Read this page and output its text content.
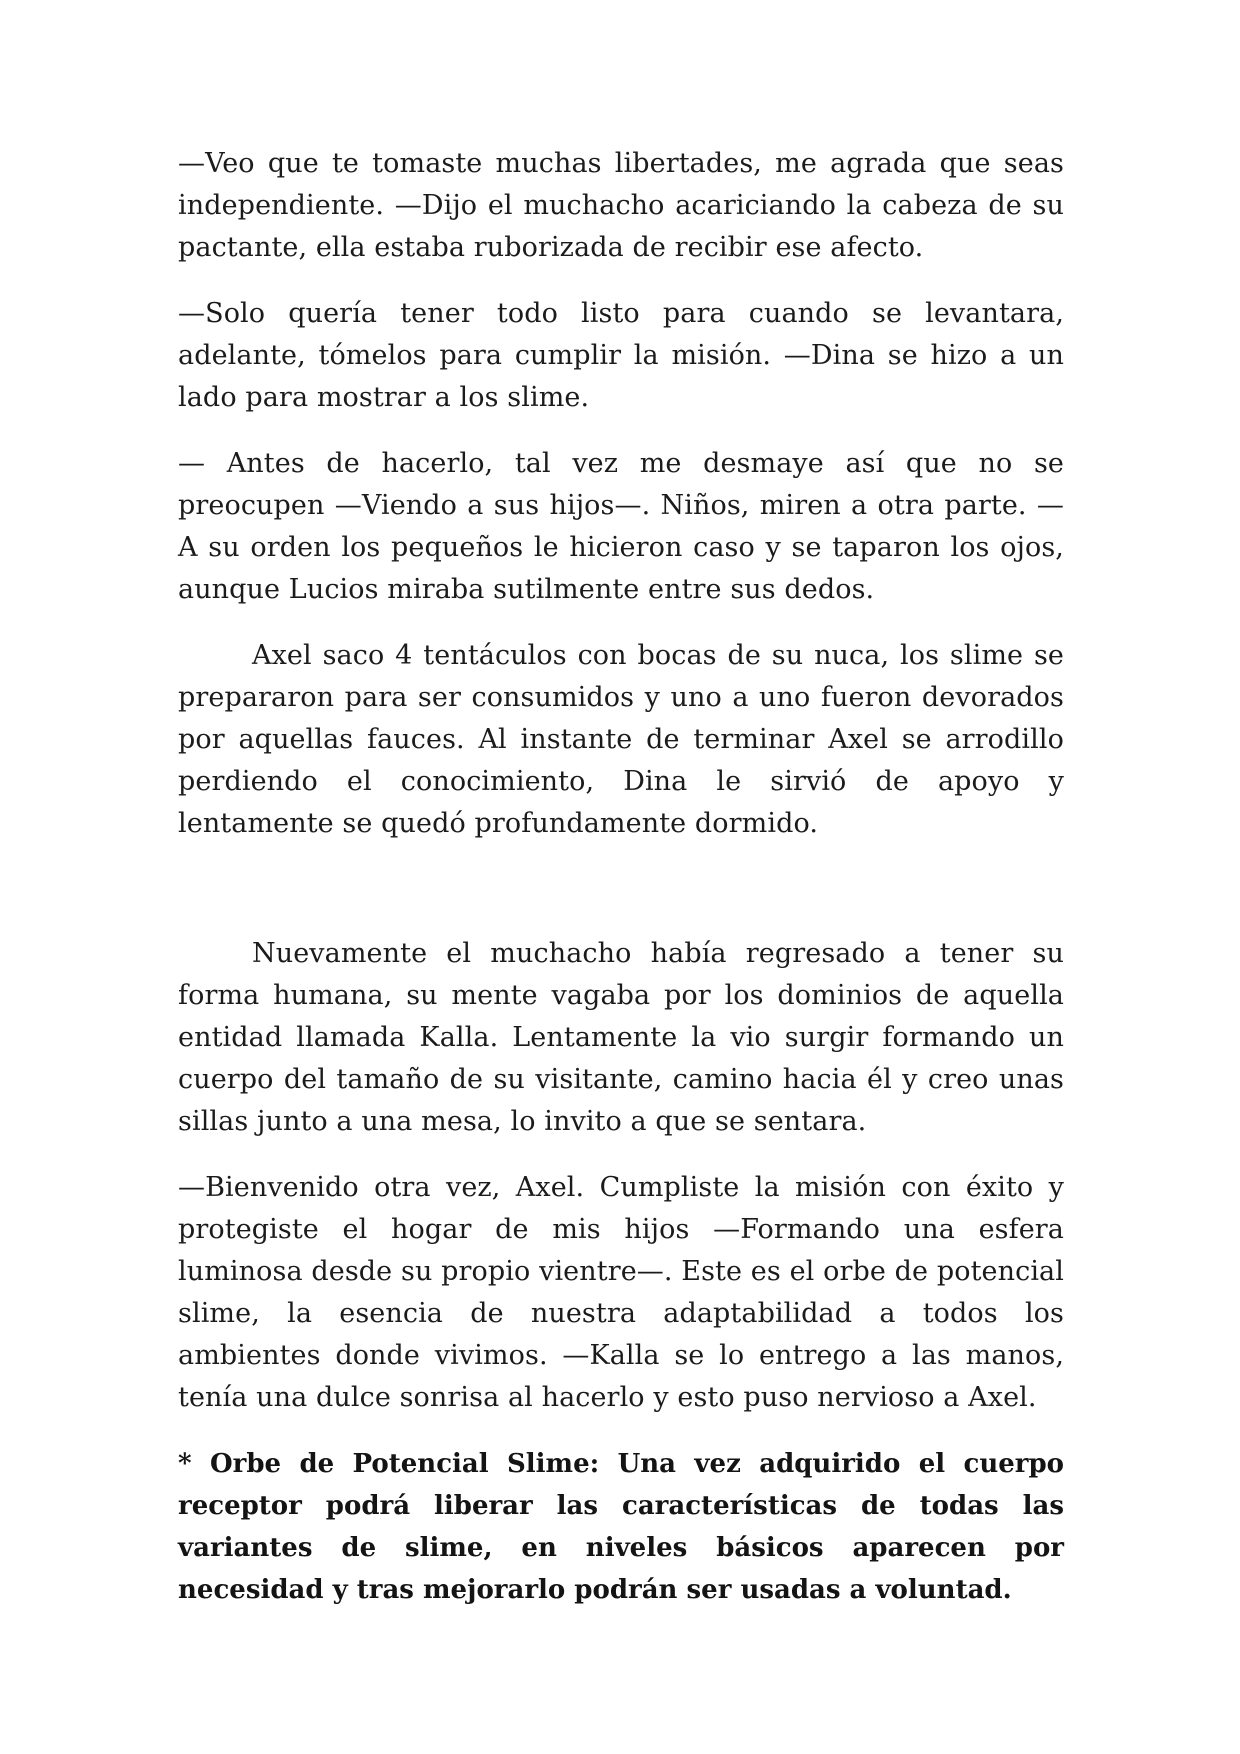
—Veo que te tomaste muchas libertades, me agrada que seas independiente. —Dijo el muchacho acariciando la cabeza de su pactante, ella estaba ruborizada de recibir ese afecto.

—Solo quería tener todo listo para cuando se levantara, adelante, tómelos para cumplir la misión. —Dina se hizo a un lado para mostrar a los slime.

— Antes de hacerlo, tal vez me desmaye así que no se preocupen —Viendo a sus hijos—. Niños, miren a otra parte. —A su orden los pequeños le hicieron caso y se taparon los ojos, aunque Lucios miraba sutilmente entre sus dedos.

Axel saco 4 tentáculos con bocas de su nuca, los slime se prepararon para ser consumidos y uno a uno fueron devorados por aquellas fauces. Al instante de terminar Axel se arrodillo perdiendo el conocimiento, Dina le sirvió de apoyo y lentamente se quedó profundamente dormido.

Nuevamente el muchacho había regresado a tener su forma humana, su mente vagaba por los dominios de aquella entidad llamada Kalla. Lentamente la vio surgir formando un cuerpo del tamaño de su visitante, camino hacia él y creo unas sillas junto a una mesa, lo invito a que se sentara.

—Bienvenido otra vez, Axel. Cumpliste la misión con éxito y protegiste el hogar de mis hijos —Formando una esfera luminosa desde su propio vientre—. Este es el orbe de potencial slime, la esencia de nuestra adaptabilidad a todos los ambientes donde vivimos. —Kalla se lo entrego a las manos, tenía una dulce sonrisa al hacerlo y esto puso nervioso a Axel.

* Orbe de Potencial Slime: Una vez adquirido el cuerpo receptor podrá liberar las características de todas las variantes de slime, en niveles básicos aparecen por necesidad y tras mejorarlo podrán ser usadas a voluntad.
